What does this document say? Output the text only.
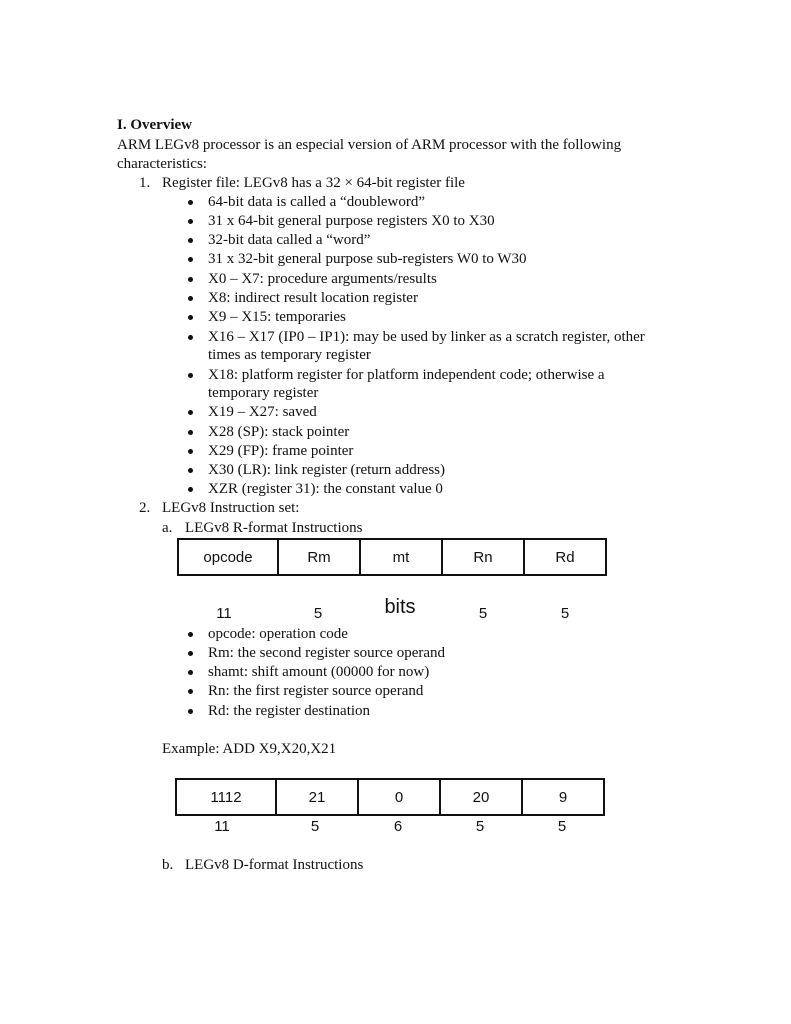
I. Overview
ARM LEGv8 processor is an especial version of ARM processor with the following
characteristics:
1. Register file: LEGv8 has a 32 × 64-bit register file
64-bit data is called a “doubleword”
31 x 64-bit general purpose registers X0 to X30
32-bit data called a “word”
31 x 32-bit general purpose sub-registers W0 to W30
X0 – X7: procedure arguments/results
X8: indirect result location register
X9 – X15: temporaries
X16 – X17 (IP0 – IP1): may be used by linker as a scratch register, other
times as temporary register
X18: platform register for platform independent code; otherwise a
temporary register
X19 – X27: saved
X28 (SP): stack pointer
X29 (FP): frame pointer
X30 (LR): link register (return address)
XZR (register 31): the constant value 0
2. LEGv8 Instruction set:
a. LEGv8 R-format Instructions
opcode	Rm	mt	Rn	Rd
11	5	bits	5	5
opcode: operation code
Rm: the second register source operand
shamt: shift amount (00000 for now)
Rn: the first register source operand
Rd: the register destination
Example: ADD X9,X20,X21
1112	21	0	20	9
11	5	6	5	5
b. LEGv8 D-format Instructions
